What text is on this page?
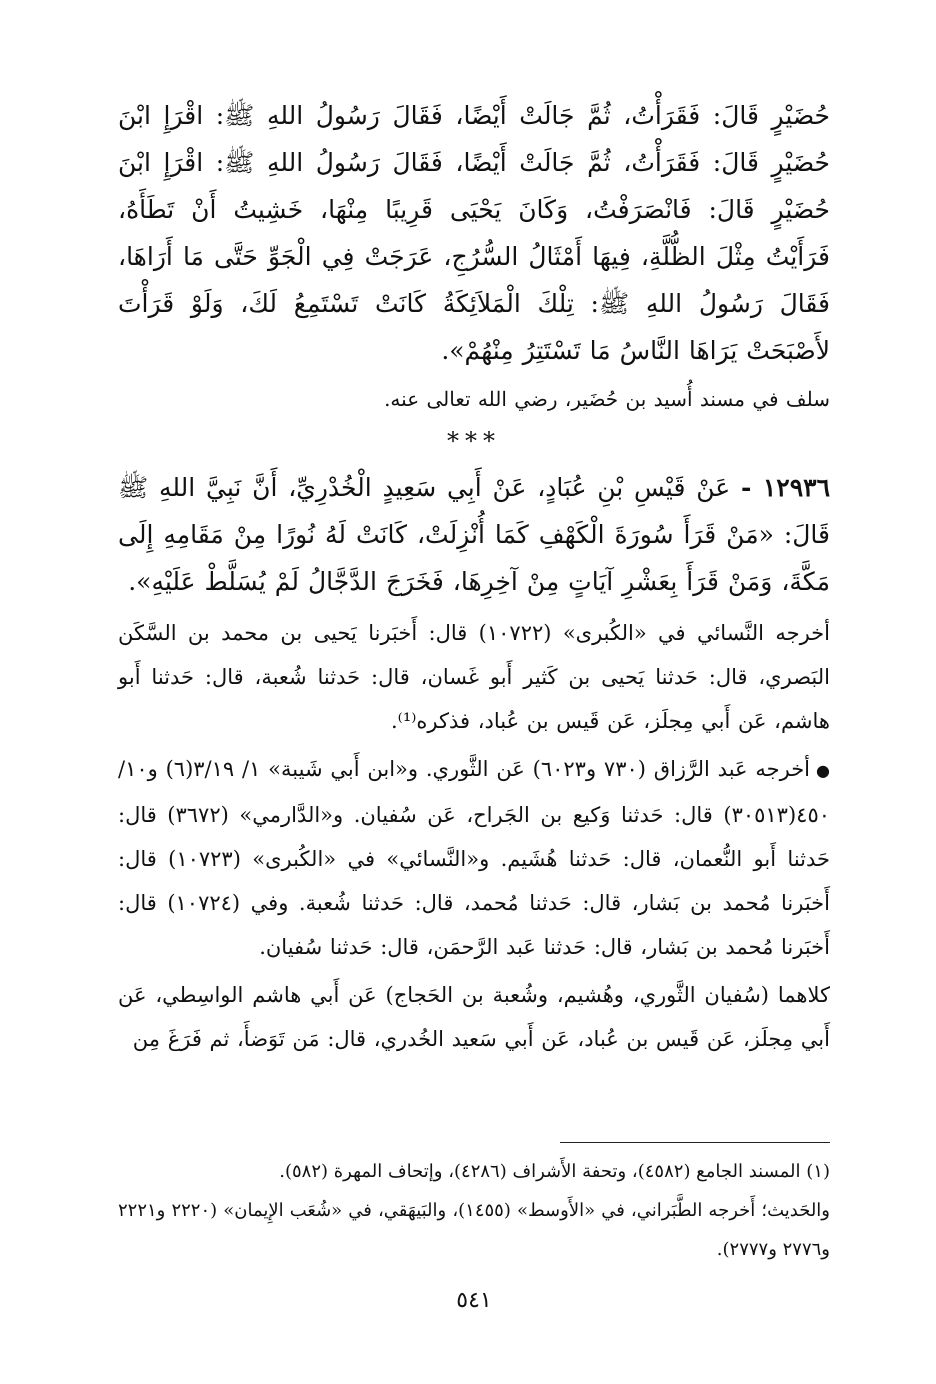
حُضَيْرٍ قَالَ: فَقَرَأْتُ، ثُمَّ جَالَتْ أَيْضًا، فَقَالَ رَسُولُ اللهِ ﷺ: اقْرَإِ ابْنَ حُضَيْرٍ قَالَ: فَقَرَأْتُ، ثُمَّ جَالَتْ أَيْضًا، فَقَالَ رَسُولُ اللهِ ﷺ: اقْرَإِ ابْنَ حُضَيْرٍ قَالَ: فَانْصَرَفْتُ، وَكَانَ يَحْيَى قَرِيبًا مِنْهَا، خَشِيتُ أَنْ تَطَأَهُ، فَرَأَيْتُ مِثْلَ الظُّلَّةِ، فِيهَا أَمْثَالُ السُّرُجِ، عَرَجَتْ فِي الْجَوِّ حَتَّى مَا أَرَاهَا، فَقَالَ رَسُولُ اللهِ ﷺ: تِلْكَ الْمَلاَئِكَةُ كَانَتْ تَسْتَمِعُ لَكَ، وَلَوْ قَرَأْتَ لأَصْبَحَتْ يَرَاهَا النَّاسُ مَا تَسْتَتِرُ مِنْهُمْ».

سلف في مسند أُسيد بن حُضَير، رضي الله تعالى عنه.

***

١٢٩٣٦ - عَنْ قَيْسِ بْنِ عُبَادٍ، عَنْ أَبِي سَعِيدٍ الْخُدْرِيِّ، أَنَّ نَبِيَّ اللهِ ﷺ قَالَ: «مَنْ قَرَأَ سُورَةَ الْكَهْفِ كَمَا أُنْزِلَتْ، كَانَتْ لَهُ نُورًا مِنْ مَقَامِهِ إِلَى مَكَّةَ، وَمَنْ قَرَأَ بِعَشْرِ آيَاتٍ مِنْ آخِرِهَا، فَخَرَجَ الدَّجَّالُ لَمْ يُسَلَّطْ عَلَيْهِ».

أخرجه النَّسائي في «الكُبرى» (١٠٧٢٢) قال: أَخبَرنا يَحيى بن محمد بن السَّكَن البَصري، قال: حَدثنا يَحيى بن كَثير أَبو غَسان، قال: حَدثنا شُعبة، قال: حَدثنا أَبو هاشم، عَن أَبي مِجلَز، عَن قَيس بن عُباد، فذكره⁽¹⁾.

●أخرجه عَبد الرَّزاق (٧٣٠ و٦٠٢٣) عَن الثَّوري. و«ابن أَبي شَيبة» ١/ ٣/١٩(٦) و١٠/ ٤٥٠(٣٠٥١٣) قال: حَدثنا وَكيع بن الجَراح، عَن سُفيان. و«الدَّارمي» (٣٦٧٢) قال: حَدثنا أَبو النُّعمان، قال: حَدثنا هُشَيم. و«النَّسائي» في «الكُبرى» (١٠٧٢٣) قال: أَخبَرنا مُحمد بن بَشار، قال: حَدثنا مُحمد، قال: حَدثنا شُعبة. وفي (١٠٧٢٤) قال: أَخبَرنا مُحمد بن بَشار، قال: حَدثنا عَبد الرَّحمَن، قال: حَدثنا سُفيان.

كلاهما (سُفيان الثَّوري، وهُشيم، وشُعبة بن الحَجاج) عَن أَبي هاشم الواسِطي، عَن أَبي مِجلَز، عَن قَيس بن عُباد، عَن أَبي سَعيد الخُدري، قال: مَن تَوَضأَ، ثم فَرَغَ مِن

(١) المسند الجامع (٤٥٨٢)، وتحفة الأَشراف (٤٢٨٦)، وإتحاف المهرة (٥٨٢).

والحَديث؛ أَخرجه الطَّبَراني، في «الأَوسط» (١٤٥٥)، والبَيهَقي، في «شُعَب الإِيمان» (٢٢٢٠ و٢٢٢١ و٢٧٧٦ و٢٧٧٧).

٥٤١
